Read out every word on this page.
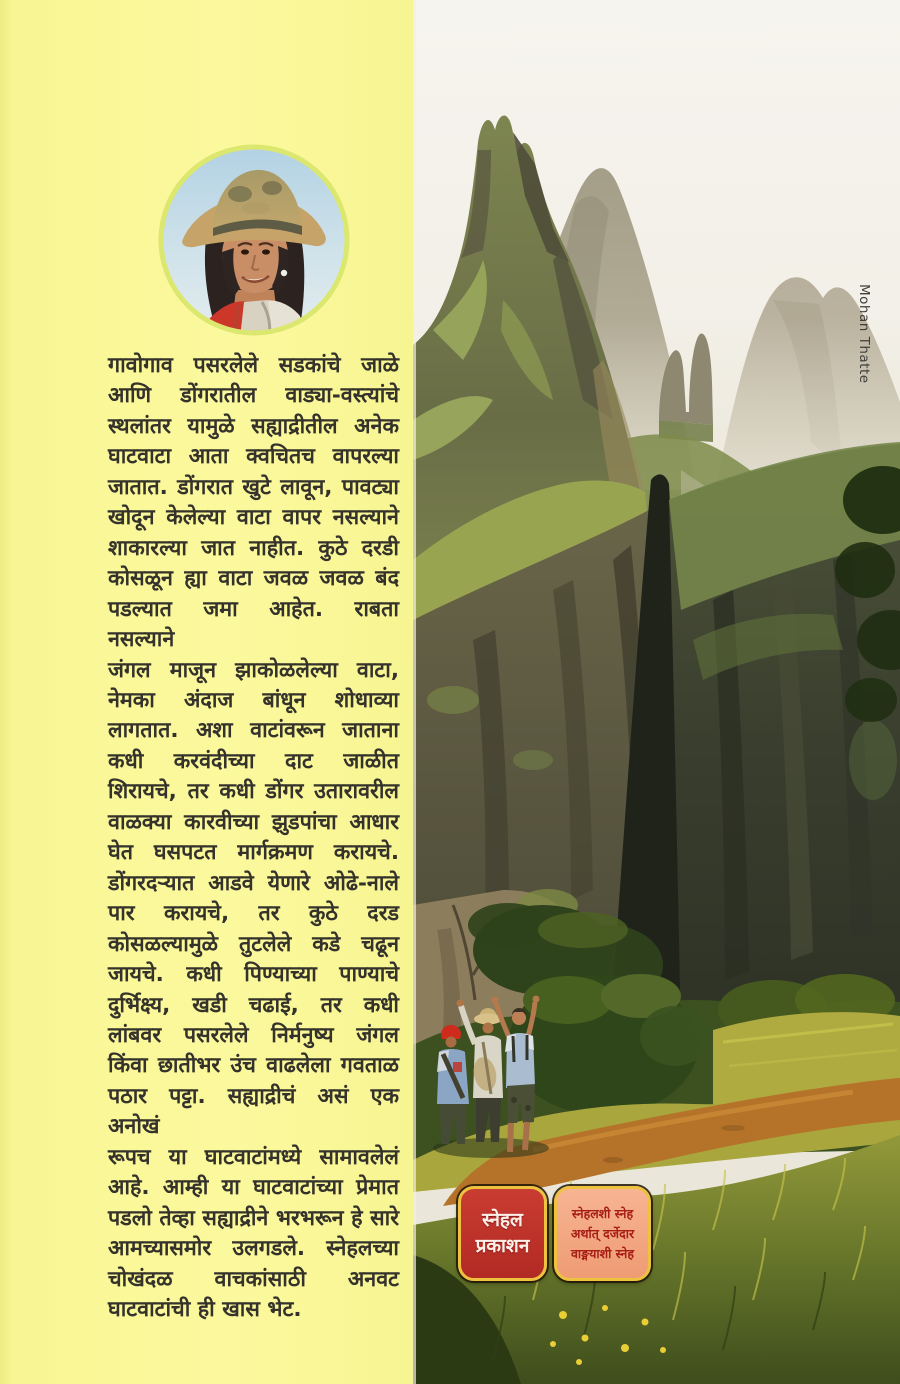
गावोगाव पसरलेले सडकांचे जाळे
आणि डोंगरातील वाड्या-वस्त्यांचे
स्थलांतर यामुळे सह्याद्रीतील अनेक
घाटवाटा आता क्वचितच वापरल्या
जातात. डोंगरात खुटे लावून, पावट्या
खोदून केलेल्या वाटा वापर नसल्याने
शाकारल्या जात नाहीत. कुठे दरडी
कोसळून ह्या वाटा जवळ जवळ बंद
पडल्यात जमा आहेत. राबता नसल्याने
जंगल माजून झाकोळलेल्या वाटा,
नेमका अंदाज बांधून शोधाव्या
लागतात. अशा वाटांवरून जाताना
कधी करवंदीच्या दाट जाळीत
शिरायचे, तर कधी डोंगर उतारावरील
वाळक्या कारवीच्या झुडपांचा आधार
घेत घसपटत मार्गक्रमण करायचे.
डोंगरदऱ्यात आडवे येणारे ओढे-नाले
पार करायचे, तर कुठे दरड
कोसळल्यामुळे तुटलेले कडे चढून
जायचे. कधी पिण्याच्या पाण्याचे
दुर्भिक्ष्य, खडी चढाई, तर कधी
लांबवर पसरलेले निर्मनुष्य जंगल
किंवा छातीभर उंच वाढलेला गवताळ
पठार पट्टा. सह्याद्रीचं असं एक अनोखं
रूपच या घाटवाटांमध्ये सामावलेलं
आहे. आम्ही या घाटवाटांच्या प्रेमात
पडलो तेव्हा सह्याद्रीने भरभरून हे सारे
आमच्यासमोर उलगडले. स्नेहलच्या
चोखंदळ वाचकांसाठी अनवट
घाटवाटांची ही खास भेट.
Mohan Thatte
स्नेहल
प्रकाशन
स्नेहलशी स्नेह
अर्थात् दर्जेदार
वाङ्मयाशी स्नेह
